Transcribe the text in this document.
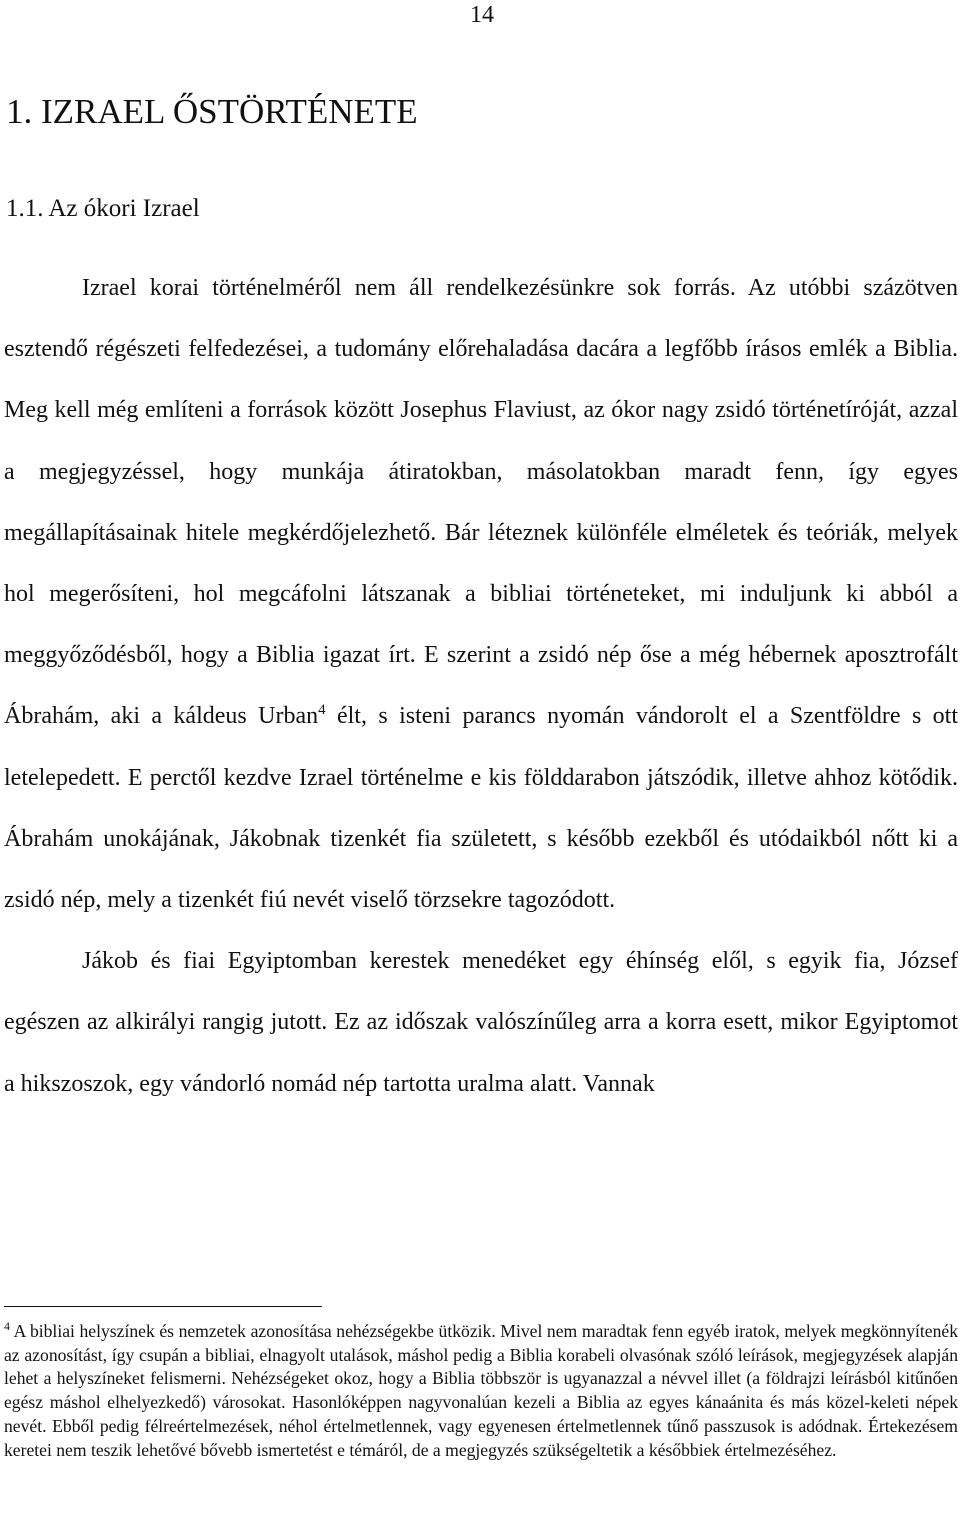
14
1. IZRAEL ŐSTÖRTÉNETE
1.1. Az ókori Izrael

Izrael korai történelméről nem áll rendelkezésünkre sok forrás. Az utóbbi százötven esztendő régészeti felfedezései, a tudomány előrehaladása dacára a legfőbb írásos emlék a Biblia. Meg kell még említeni a források között Josephus Flaviust, az ókor nagy zsidó történetíróját, azzal a megjegyzéssel, hogy munkája átiratokban, másolatokban maradt fenn, így egyes megállapításainak hitele megkérdőjelezhető. Bár léteznek különféle elméletek és teóriák, melyek hol megerősíteni, hol megcáfolni látszanak a bibliai történeteket, mi induljunk ki abból a meggyőződésből, hogy a Biblia igazat írt. E szerint a zsidó nép őse a még hébernek aposztrofált Ábrahám, aki a káldeus Urban$^4$ élt, s isteni parancs nyomán vándorolt el a Szentföldre s ott letelepedett. E perctől kezdve Izrael történelme e kis földdarabon játszódik, illetve ahhoz kötődik. Ábrahám unokájának, Jákobnak tizenkét fia született, s később ezekből és utódaikból nőtt ki a zsidó nép, mely a tizenkét fiú nevét viselő törzsekre tagozódott.

Jákob és fiai Egyiptomban kerestek menedéket egy éhínség elől, s egyik fia, József egészen az alkirályi rangig jutott. Ez az időszak valószínűleg arra a korra esett, mikor Egyiptomot a hikszoszok, egy vándorló nomád nép tartotta uralma alatt. Vannak

$^4$ A bibliai helyszínek és nemzetek azonosítása nehézségekbe ütközik. Mivel nem maradtak fenn egyéb iratok, melyek megkönnyítenék az azonosítást, így csupán a bibliai, elnagyolt utalások, máshol pedig a Biblia korabeli olvasónak szóló leírások, megjegyzések alapján lehet a helyszíneket felismerni. Nehézségeket okoz, hogy a Biblia többször is ugyanazzal a névvel illet (a földrajzi leírásból kitűnően egész máshol elhelyezkedő) városokat. Hasonlóképpen nagyvonalúan kezeli a Biblia az egyes kánaánita és más közel-keleti népek nevét. Ebből pedig félreértelmezések, néhol értelmetlennek, vagy egyenesen értelmetlennek tűnő passzusok is adódnak. Értekezésem keretei nem teszik lehetővé bővebb ismertetést e témáról, de a megjegyzés szükségeltetik a későbbiek értelmezéséhez.
